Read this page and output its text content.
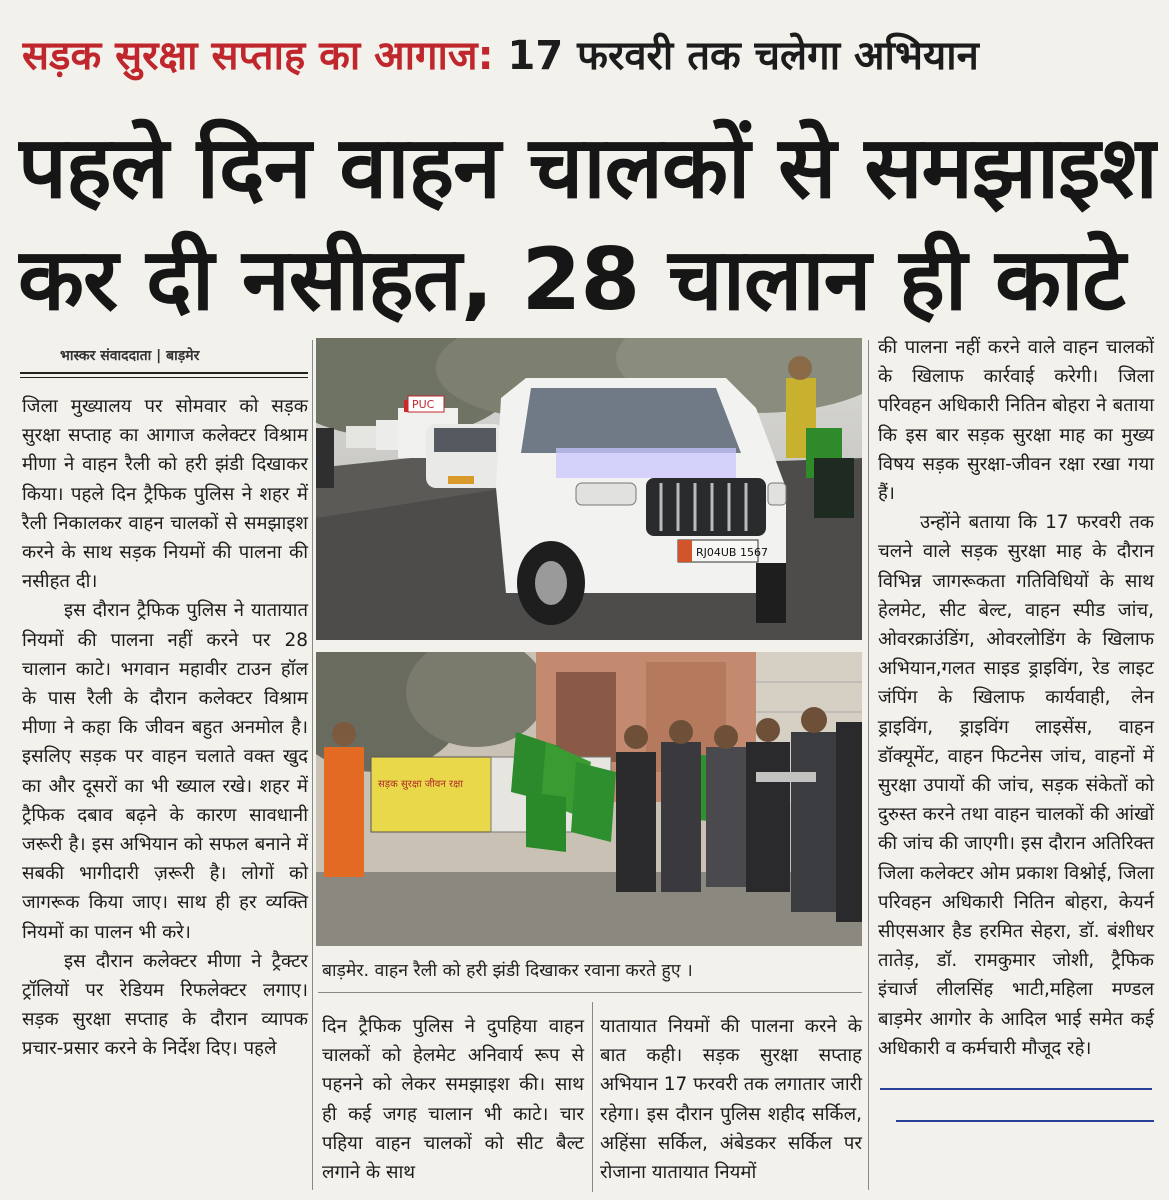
सड़क सुरक्षा सप्ताह का आगाज: 17 फरवरी तक चलेगा अभियान
पहले दिन वाहन चालकों से समझाइश
कर दी नसीहत, 28 चालान ही काटे
भास्कर संवाददाता | बाड़मेर

जिला मुख्यालय पर सोमवार को सड़क सुरक्षा सप्ताह का आगाज कलेक्टर विश्राम मीणा ने वाहन रैली को हरी झंडी दिखाकर किया। पहले दिन ट्रैफिक पुलिस ने शहर में रैली निकालकर वाहन चालकों से समझाइश करने के साथ सड़क नियमों की पालना की नसीहत दी।

इस दौरान ट्रैफिक पुलिस ने यातायात नियमों की पालना नहीं करने पर 28 चालान काटे। भगवान महावीर टाउन हॉल के पास रैली के दौरान कलेक्टर विश्राम मीणा ने कहा कि जीवन बहुत अनमोल है। इसलिए सड़क पर वाहन चलाते वक्त खुद का और दूसरों का भी ख्याल रखे। शहर में ट्रैफिक दबाव बढ़ने के कारण सावधानी जरूरी है। इस अभियान को सफल बनाने में सबकी भागीदारी ज़रूरी है। लोगों को जागरूक किया जाए। साथ ही हर व्यक्ति नियमों का पालन भी करे।

इस दौरान कलेक्टर मीणा ने ट्रैक्टर ट्रॉलियों पर रेडियम रिफलेक्टर लगाए। सड़क सुरक्षा सप्ताह के दौरान व्यापक प्रचार-प्रसार करने के निर्देश दिए। पहले

RJ04UB 1567
PUC
सड़क सुरक्षा जीवन रक्षा
बाड़मेर. वाहन रैली को हरी झंडी दिखाकर रवाना करते हुए ।

दिन ट्रैफिक पुलिस ने दुपहिया वाहन चालकों को हेलमेट अनिवार्य रूप से पहनने को लेकर समझाइश की। साथ ही कई जगह चालान भी काटे। चार पहिया वाहन चालकों को सीट बैल्ट लगाने के साथ

यातायात नियमों की पालना करने के बात कही। सड़क सुरक्षा सप्ताह अभियान 17 फरवरी तक लगातार जारी रहेगा। इस दौरान पुलिस शहीद सर्किल, अहिंसा सर्किल, अंबेडकर सर्किल पर रोजाना यातायात नियमों

की पालना नहीं करने वाले वाहन चालकों के खिलाफ कार्रवाई करेगी। जिला परिवहन अधिकारी नितिन बोहरा ने बताया कि इस बार सड़क सुरक्षा माह का मुख्य विषय सड़क सुरक्षा-जीवन रक्षा रखा गया हैं।

उन्होंने बताया कि 17 फरवरी तक चलने वाले सड़क सुरक्षा माह के दौरान विभिन्न जागरूकता गतिविधियों के साथ हेलमेट, सीट बेल्ट, वाहन स्पीड जांच, ओवरक्राउंडिंग, ओवरलोडिंग के खिलाफ अभियान,गलत साइड ड्राइविंग, रेड लाइट जंपिंग के खिलाफ कार्यवाही, लेन ड्राइविंग, ड्राइविंग लाइसेंस, वाहन डॉक्यूमेंट, वाहन फिटनेस जांच, वाहनों में सुरक्षा उपायों की जांच, सड़क संकेतों को दुरुस्त करने तथा वाहन चालकों की आंखों की जांच की जाएगी। इस दौरान अतिरिक्त जिला कलेक्टर ओम प्रकाश विश्नोई, जिला परिवहन अधिकारी नितिन बोहरा, केयर्न सीएसआर हैड हरमित सेहरा, डॉ. बंशीधर तातेड़, डॉ. रामकुमार जोशी, ट्रैफिक इंचार्ज लीलसिंह भाटी,महिला मण्डल बाड़मेर आगोर के आदिल भाई समेत कई अधिकारी व कर्मचारी मौजूद रहे।
